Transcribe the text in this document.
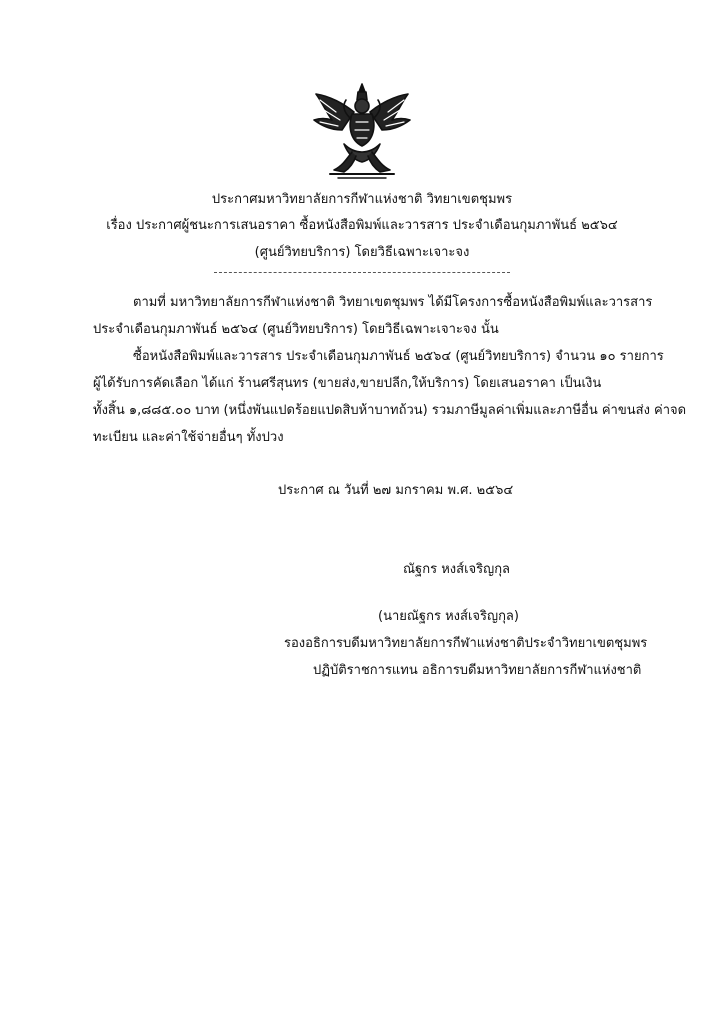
ประกาศมหาวิทยาลัยการกีฬาแห่งชาติ วิทยาเขตชุมพร
เรื่อง ประกาศผู้ชนะการเสนอราคา ซื้อหนังสือพิมพ์และวารสาร ประจำเดือนกุมภาพันธ์ ๒๕๖๔
(ศูนย์วิทยบริการ) โดยวิธีเฉพาะเจาะจง
ตามที่ มหาวิทยาลัยการกีฬาแห่งชาติ วิทยาเขตชุมพร ได้มีโครงการซื้อหนังสือพิมพ์และวารสาร
ประจำเดือนกุมภาพันธ์ ๒๕๖๔ (ศูนย์วิทยบริการ) โดยวิธีเฉพาะเจาะจง นั้น
ซื้อหนังสือพิมพ์และวารสาร ประจำเดือนกุมภาพันธ์ ๒๕๖๔ (ศูนย์วิทยบริการ) จำนวน ๑๐ รายการ
ผู้ได้รับการคัดเลือก ได้แก่ ร้านศรีสุนทร (ขายส่ง,ขายปลีก,ให้บริการ) โดยเสนอราคา เป็นเงิน
ทั้งสิ้น ๑,๘๘๕.๐๐ บาท (หนึ่งพันแปดร้อยแปดสิบห้าบาทถ้วน) รวมภาษีมูลค่าเพิ่มและภาษีอื่น ค่าขนส่ง ค่าจด
ทะเบียน และค่าใช้จ่ายอื่นๆ ทั้งปวง
ประกาศ ณ วันที่ ๒๗ มกราคม พ.ศ. ๒๕๖๔
ณัฐกร หงส์เจริญกุล
(นายณัฐกร หงส์เจริญกุล)
รองอธิการบดีมหาวิทยาลัยการกีฬาแห่งชาติประจำวิทยาเขตชุมพร
ปฏิบัติราชการแทน อธิการบดีมหาวิทยาลัยการกีฬาแห่งชาติ
